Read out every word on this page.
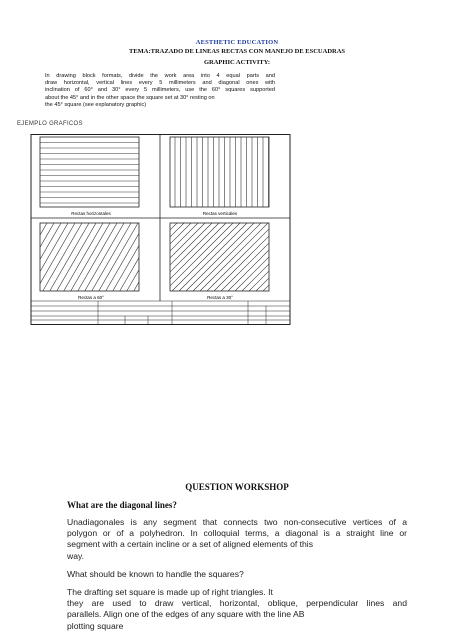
AESTHETIC EDUCATION
TEMA:TRAZADO DE LINEAS RECTAS CON MANEJO DE ESCUADRAS
GRAPHIC ACTIVITY:
In drawing block formats, divide the work area into 4 equal parts and
draw horizontal, vertical lines every 5 millimeters and diagonal ones with
inclination of 60° and 30° every 5 millimeters, use the 60° squares supported
about the 45° and in the other space the square set at 30° resting on
the 45° square (see explanatory graphic)
EJEMPLO GRAFICOS
Rectas horizontales	Rectas verticales
Rectas a 60°	Rectas a 30°
QUESTION WORKSHOP
What are the diagonal lines?
Unadiagonales is any segment that connects two non-consecutive vertices of a
polygon or of a polyhedron. In colloquial terms, a diagonal is a straight line or
segment with a certain incline or a set of aligned elements of this
way.
What should be known to handle the squares?
The drafting set square is made up of right triangles. It
they are used to draw vertical, horizontal, oblique, perpendicular lines and
parallels. Align one of the edges of any square with the line AB
plotting square
